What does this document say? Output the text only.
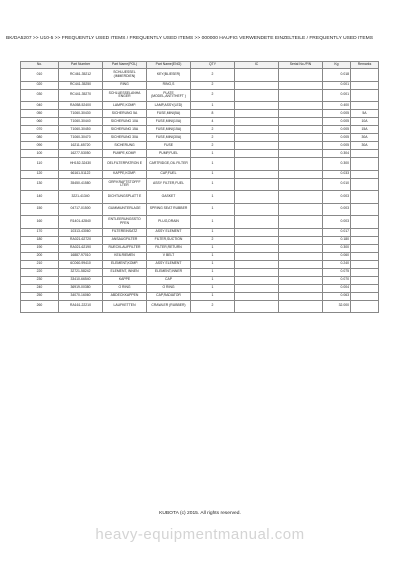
BK/DA5207 >> U10-5 >> FREQUENTLY USED ITEMS / FREQUENTLY USED ITEMS >> 000000 HÄUFIG VERWENDETE EINZELTEILE / FREQUENTLY USED ITEMS
No.	Part Number	Part Name(POL)	Part Name(ENG)	QTY	IC	Serial No./P/N	Kg	Remarks
010	RC461-35212	SCHLUESSEL (IMMERDIEN)	KEY(BLIESER)	2			0.018	
020	RC441-35250	RING	RING,S	2			0.001	
030	RC441-35270	SCHLUESSELANHA ENGER	PLATE (MODEL,ANTITHEFT )	2			0.001	
040	RA058-52400	LAMPE,KOMP.	LAMP,ASSY(LED)	1			0.400	
050	T1060-30430	SICHERUNG 5A	FUSE,MINI(5A)	8			0.005	5A
060	T1060-30440	SICHERUNG 10A	FUSE,MINI(10A)	4			0.005	10A
070	T1060-30450	SICHERUNG 15A	FUSE,MINI(15A)	2			0.005	15A
080	T1060-30470	SICHERUNG 30A	FUSE,MINI(30A)	2			0.005	30A
090	16211-65720	SICHERUNG	FUSE	2			0.005	30A
100	16277-53050	PUMPE,KOMP.	PUMP,FUEL	1			0.304	
110	HH152-32430	OELFILTERPATRON E	CARTRIDGE,OIL FILTER	1			0.300	
120	66161-51122	KAPPE,KOMP.	CAP,FUEL	1			0.033	
130	35450-41580	GRP.KRAFTSTOFFF LTER	ASSY FILTER,FUEL	1			0.010	
140	3221-41340	DICHTUNGSPLATT E	GASKET	1			0.003	
150	04717-01500	GUMMIUNTERLAGE	SPRING SEAT RUBBER	1			0.003	
160	R1401-42840	ENTLEERUNGSSTO PFEN	PLUG,DRAIN	1			0.003	
170	10313-43060	FILTEREINSATZ	ASSY ELEMENT	1			0.017	
180	RA021-62720	ANSAUGFILTER	FILTER,SUCTION	2			0.180	
190	RA021-62190	RUECKLAUFFILTER	FILTER,RETURN	1			0.300	
200	16887-97010	KEILRIEMEN	V BELT	1			0.060	
210	6C060-99410	ELEMENT,KOMP.	ASSY ELEMENT	1			0.240	
220	32721-58242	ELEMENT, INNEN	ELEMENT,INNER	1			0.075	
230	33410-66540	KAPPE	CAP	1			0.070	
240	36919-00380	O RING	O RING	1			0.004	
250	34070-16060	ABDECKKAPPEN	CAP,RADIATOR	1			0.063	
260	RA161-22210	LAUFKETTEN	CRAWLER (RUBBER)	2			32.000	
KUBOTA (c) 2015. All rights reserved.
heavy-equipmentmanual.com
